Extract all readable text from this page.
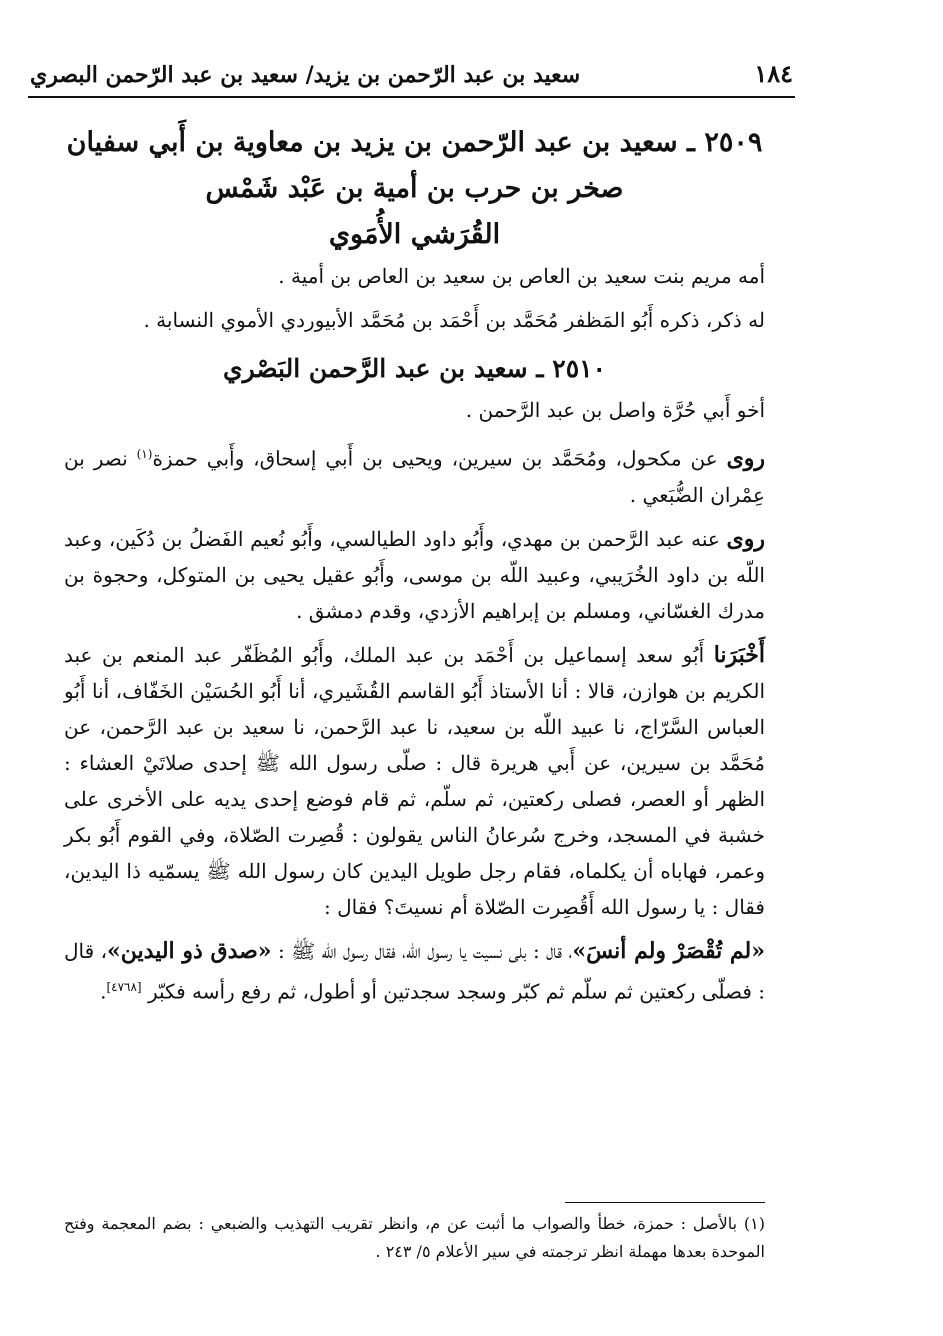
١٨٤
سعيد بن عبد الرّحمن بن يزيد/ سعيد بن عبد الرّحمن البصري

٢٥٠٩ ـ سعيد بن عبد الرّحمن بن يزيد بن معاوية بن أَبي سفيان

صخر بن حرب بن أمية بن عَبْد شَمْس

القُرَشي الأُمَوي

أمه مريم بنت سعيد بن العاص بن سعيد بن العاص بن أمية .

له ذكر، ذكره أَبُو المَظفر مُحَمَّد بن أَحْمَد بن مُحَمَّد الأبيوردي الأموي النسابة .

٢٥١٠ ـ سعيد بن عبد الرَّحمن البَصْري

أخو أَبي حُرَّة واصل بن عبد الرَّحمن .

روى عن مكحول، ومُحَمَّد بن سيرين، ويحيى بن أَبي إسحاق، وأَبي حمزة$^{(١)}$ نصر بن عِمْران الضُّبَعي .

روى عنه عبد الرَّحمن بن مهدي، وأَبُو داود الطيالسي، وأَبُو نُعيم الفَضلُ بن دُكَين، وعبد اللّه بن داود الخُرَيبي، وعبيد اللّه بن موسى، وأَبُو عقيل يحيى بن المتوكل، وحجوة بن مدرك الغسّاني، ومسلم بن إبراهيم الأزدي، وقدم دمشق .

أَخْبَرَنا أَبُو سعد إسماعيل بن أَحْمَد بن عبد الملك، وأَبُو المُظَفّر عبد المنعم بن عبد الكريم بن هوازن، قالا : أنا الأستاذ أَبُو القاسم القُشَيري، أنا أَبُو الحُسَيْن الخَفّاف، أنا أَبُو العباس السَّرّاج، نا عبيد اللّه بن سعيد، نا عبد الرَّحمن، نا سعيد بن عبد الرَّحمن، عن مُحَمَّد بن سيرين، عن أَبي هريرة قال : صلّى رسول الله ﷺ إحدى صلاتَيْ العشاء : الظهر أو العصر، فصلى ركعتين، ثم سلّم، ثم قام فوضع إحدى يديه على الأخرى على خشبة في المسجد، وخرج سُرعانُ الناس يقولون : قُصِرت الصّلاة، وفي القوم أَبُو بكر وعمر، فهاباه أن يكلماه، فقام رجل طويل اليدين كان رسول الله ﷺ يسمّيه ذا اليدين، فقال : يا رسول الله أَقُصِرت الصّلاة أم نسيتَ؟ فقال :

«لم تُقْصَرْ ولم أنسَ»، قال : بلى نسيت يا رسول الله، فقال رسول الله ﷺ : «صدق ذو اليدين»، قال : فصلّى ركعتين ثم سلّم ثم كبّر وسجد سجدتين أو أطول، ثم رفع رأسه فكبّر [٤٧٦٨].

(١) بالأصل : حمزة، خطأ والصواب ما أثبت عن م، وانظر تقريب التهذيب والضبعي : بضم المعجمة وفتح الموحدة بعدها مهملة انظر ترجمته في سير الأعلام ٥/ ٢٤٣ .
